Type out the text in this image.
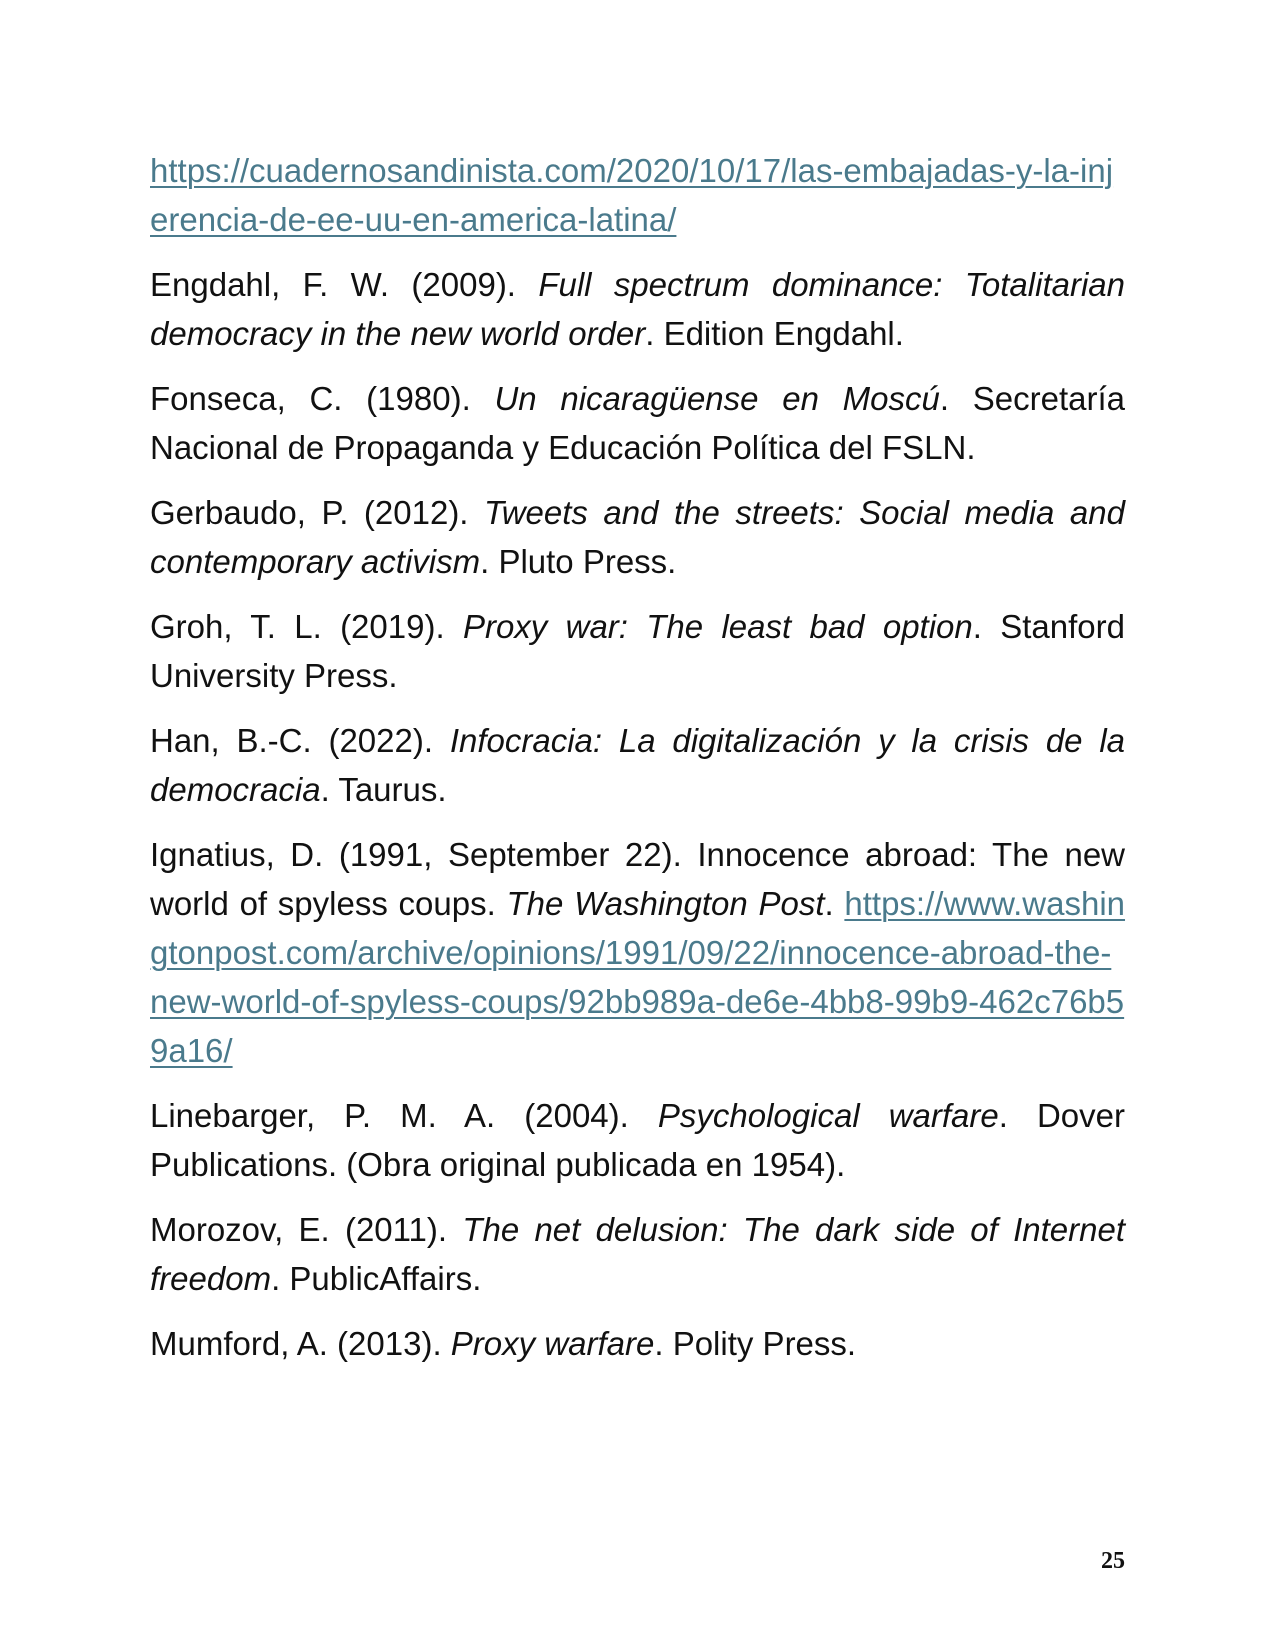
https://cuadernosandinista.com/2020/10/17/las-embajadas-y-la-injerencia-de-ee-uu-en-america-latina/

Engdahl, F. W. (2009). Full spectrum dominance: Totalitarian democracy in the new world order. Edition Engdahl.

Fonseca, C. (1980). Un nicaragüense en Moscú. Secretaría Nacional de Propaganda y Educación Política del FSLN.

Gerbaudo, P. (2012). Tweets and the streets: Social media and contemporary activism. Pluto Press.

Groh, T. L. (2019). Proxy war: The least bad option. Stanford University Press.

Han, B.-C. (2022). Infocracia: La digitalización y la crisis de la democracia. Taurus.

Ignatius, D. (1991, September 22). Innocence abroad: The new world of spyless coups. The Washington Post. https://www.washingtonpost.com/archive/opinions/1991/09/22/innocence-abroad-the-new-world-of-spyless-coups/92bb989a-de6e-4bb8-99b9-462c76b59a16/

Linebarger, P. M. A. (2004). Psychological warfare. Dover Publications. (Obra original publicada en 1954).

Morozov, E. (2011). The net delusion: The dark side of Internet freedom. PublicAffairs.

Mumford, A. (2013). Proxy warfare. Polity Press.

25
